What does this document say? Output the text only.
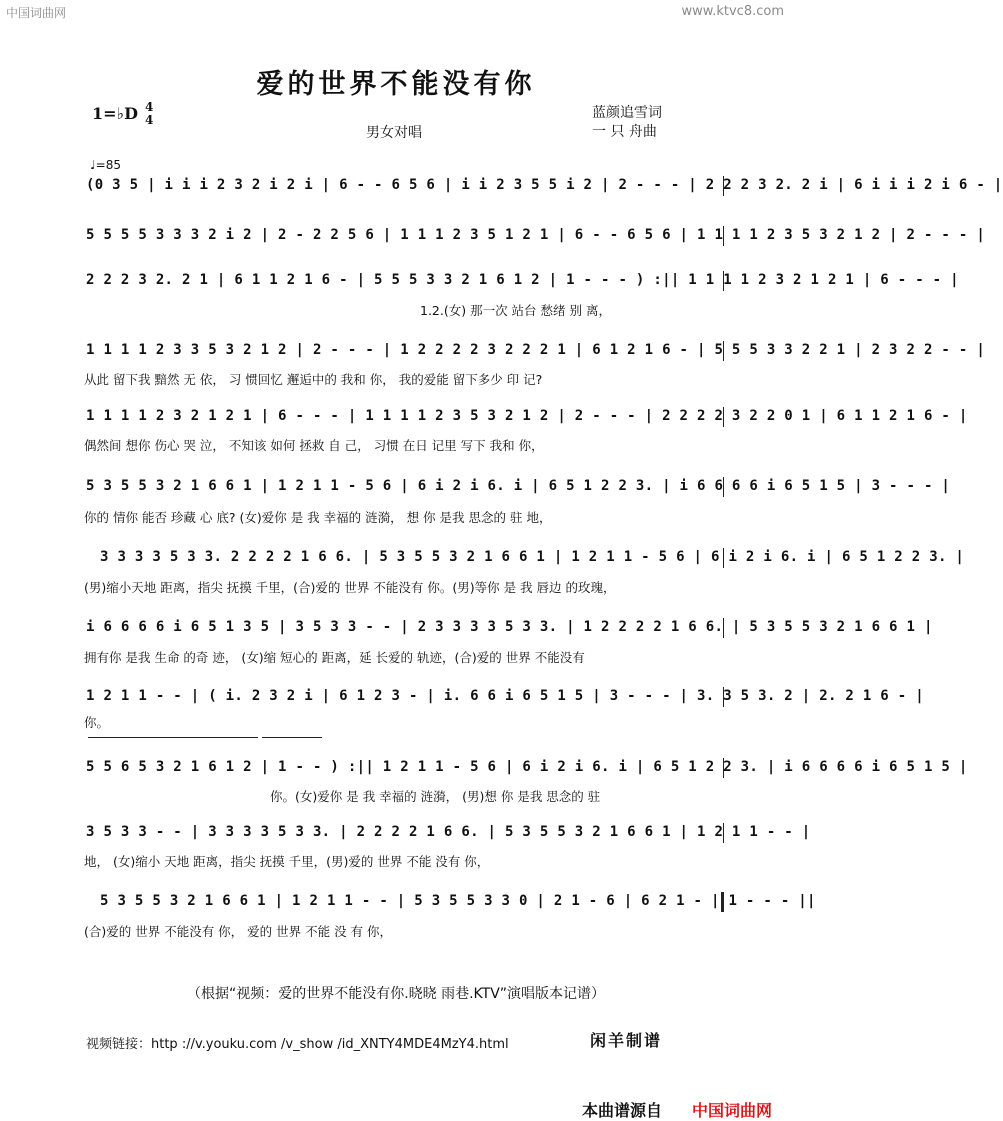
中国词曲网	www.ktvc8.com
爱的世界不能没有你
1=♭D 4
4
男女对唱
蓝颜追雪词
一 只 舟曲
♩=85
(0 3 5 | i i i 2 3 2 i 2 i | 6 - - 6 5 6 | i i 2 3 5 5 i 2 | 2 - - - | 2 2 2 3 2. 2 i | 6 i i i 2 i 6 - |
5 5 5 5 3 3 3 2 i 2 | 2 - 2 2 5 6 | 1 1 1 2 3 5 1 2 1 | 6 - - 6 5 6 | 1 1 1 1 2 3 5 3 2 1 2 | 2 - - - |
2 2 2 3 2. 2 1 | 6 1 1 2 1 6 - | 5 5 5 3 3 2 1 6 1 2 | 1 - - - ) :|| 1 1 1 1 2 3 2 1 2 1 | 6 - - - |
1.2.(女) 那一次 站台 愁绪 别 离，
1 1 1 1 2 3 3 5 3 2 1 2 | 2 - - - | 1 2 2 2 2 3 2 2 2 1 | 6 1 2 1 6 - | 5 5 5 3 3 2 2 1 | 2 3 2 2 - - |
从此 留下我 黯然 无 依， 习 惯回忆 邂逅中的 我和 你， 我的爱能 留下多少 印 记?
1 1 1 1 2 3 2 1 2 1 | 6 - - - | 1 1 1 1 2 3 5 3 2 1 2 | 2 - - - | 2 2 2 2 3 2 2 0 1 | 6 1 1 2 1 6 - |
偶然间 想你 伤心 哭 泣， 不知该 如何 拯救 自 己， 习惯 在日 记里 写下 我和 你，
5 3 5 5 3 2 1 6 6 1 | 1 2 1 1 - 5 6 | 6 i 2 i 6. i | 6 5 1 2 2 3. | i 6 6 6 6 i 6 5 1 5 | 3 - - - |
你的 情你 能否 珍藏 心 底? (女)爱你 是 我 幸福的 涟漪， 想 你 是我 思念的 驻 地，
3 3 3 3 5 3 3. 2 2 2 2 1 6 6. | 5 3 5 5 3 2 1 6 6 1 | 1 2 1 1 - 5 6 | 6 i 2 i 6. i | 6 5 1 2 2 3. |
(男)缩小天地 距离，指尖 抚摸 千里，(合)爱的 世界 不能没有 你。(男)等你 是 我 唇边 的玫瑰，
i 6 6 6 6 i 6 5 1 3 5 | 3 5 3 3 - - | 2 3 3 3 3 5 3 3. | 1 2 2 2 2 1 6 6. | 5 3 5 5 3 2 1 6 6 1 |
拥有你 是我 生命 的奇 迹， (女)缩 短心的 距离，延 长爱的 轨迹，(合)爱的 世界 不能没有
1 2 1 1 - - | ( i. 2 3 2 i | 6 1 2 3 - | i. 6 6 i 6 5 1 5 | 3 - - - | 3. 3 5 3. 2 | 2. 2 1 6 - |
你。
5 5 6 5 3 2 1 6 1 2 | 1 - - ) :|| 1 2 1 1 - 5 6 | 6 i 2 i 6. i | 6 5 1 2 2 3. | i 6 6 6 6 i 6 5 1 5 |
你。(女)爱你 是 我 幸福的 涟漪， (男)想 你 是我 思念的 驻
3 5 3 3 - - | 3 3 3 3 5 3 3. | 2 2 2 2 1 6 6. | 5 3 5 5 3 2 1 6 6 1 | 1 2 1 1 - - |
地， (女)缩小 天地 距离，指尖 抚摸 千里，(男)爱的 世界 不能 没有 你，
5 3 5 5 3 2 1 6 6 1 | 1 2 1 1 - - | 5 3 5 5 3 3 0 | 2 1 - 6 | 6 2 1 - | 1 - - - ||
(合)爱的 世界 不能没有 你， 爱的 世界 不能 没 有 你，
（根据“视频：爱的世界不能没有你.晓晓 雨巷.KTV”演唱版本记谱）
视频链接：http ://v.youku.com /v_show /id_XNTY4MDE4MzY4.html	闲羊制谱
本曲谱源自 中国词曲网
